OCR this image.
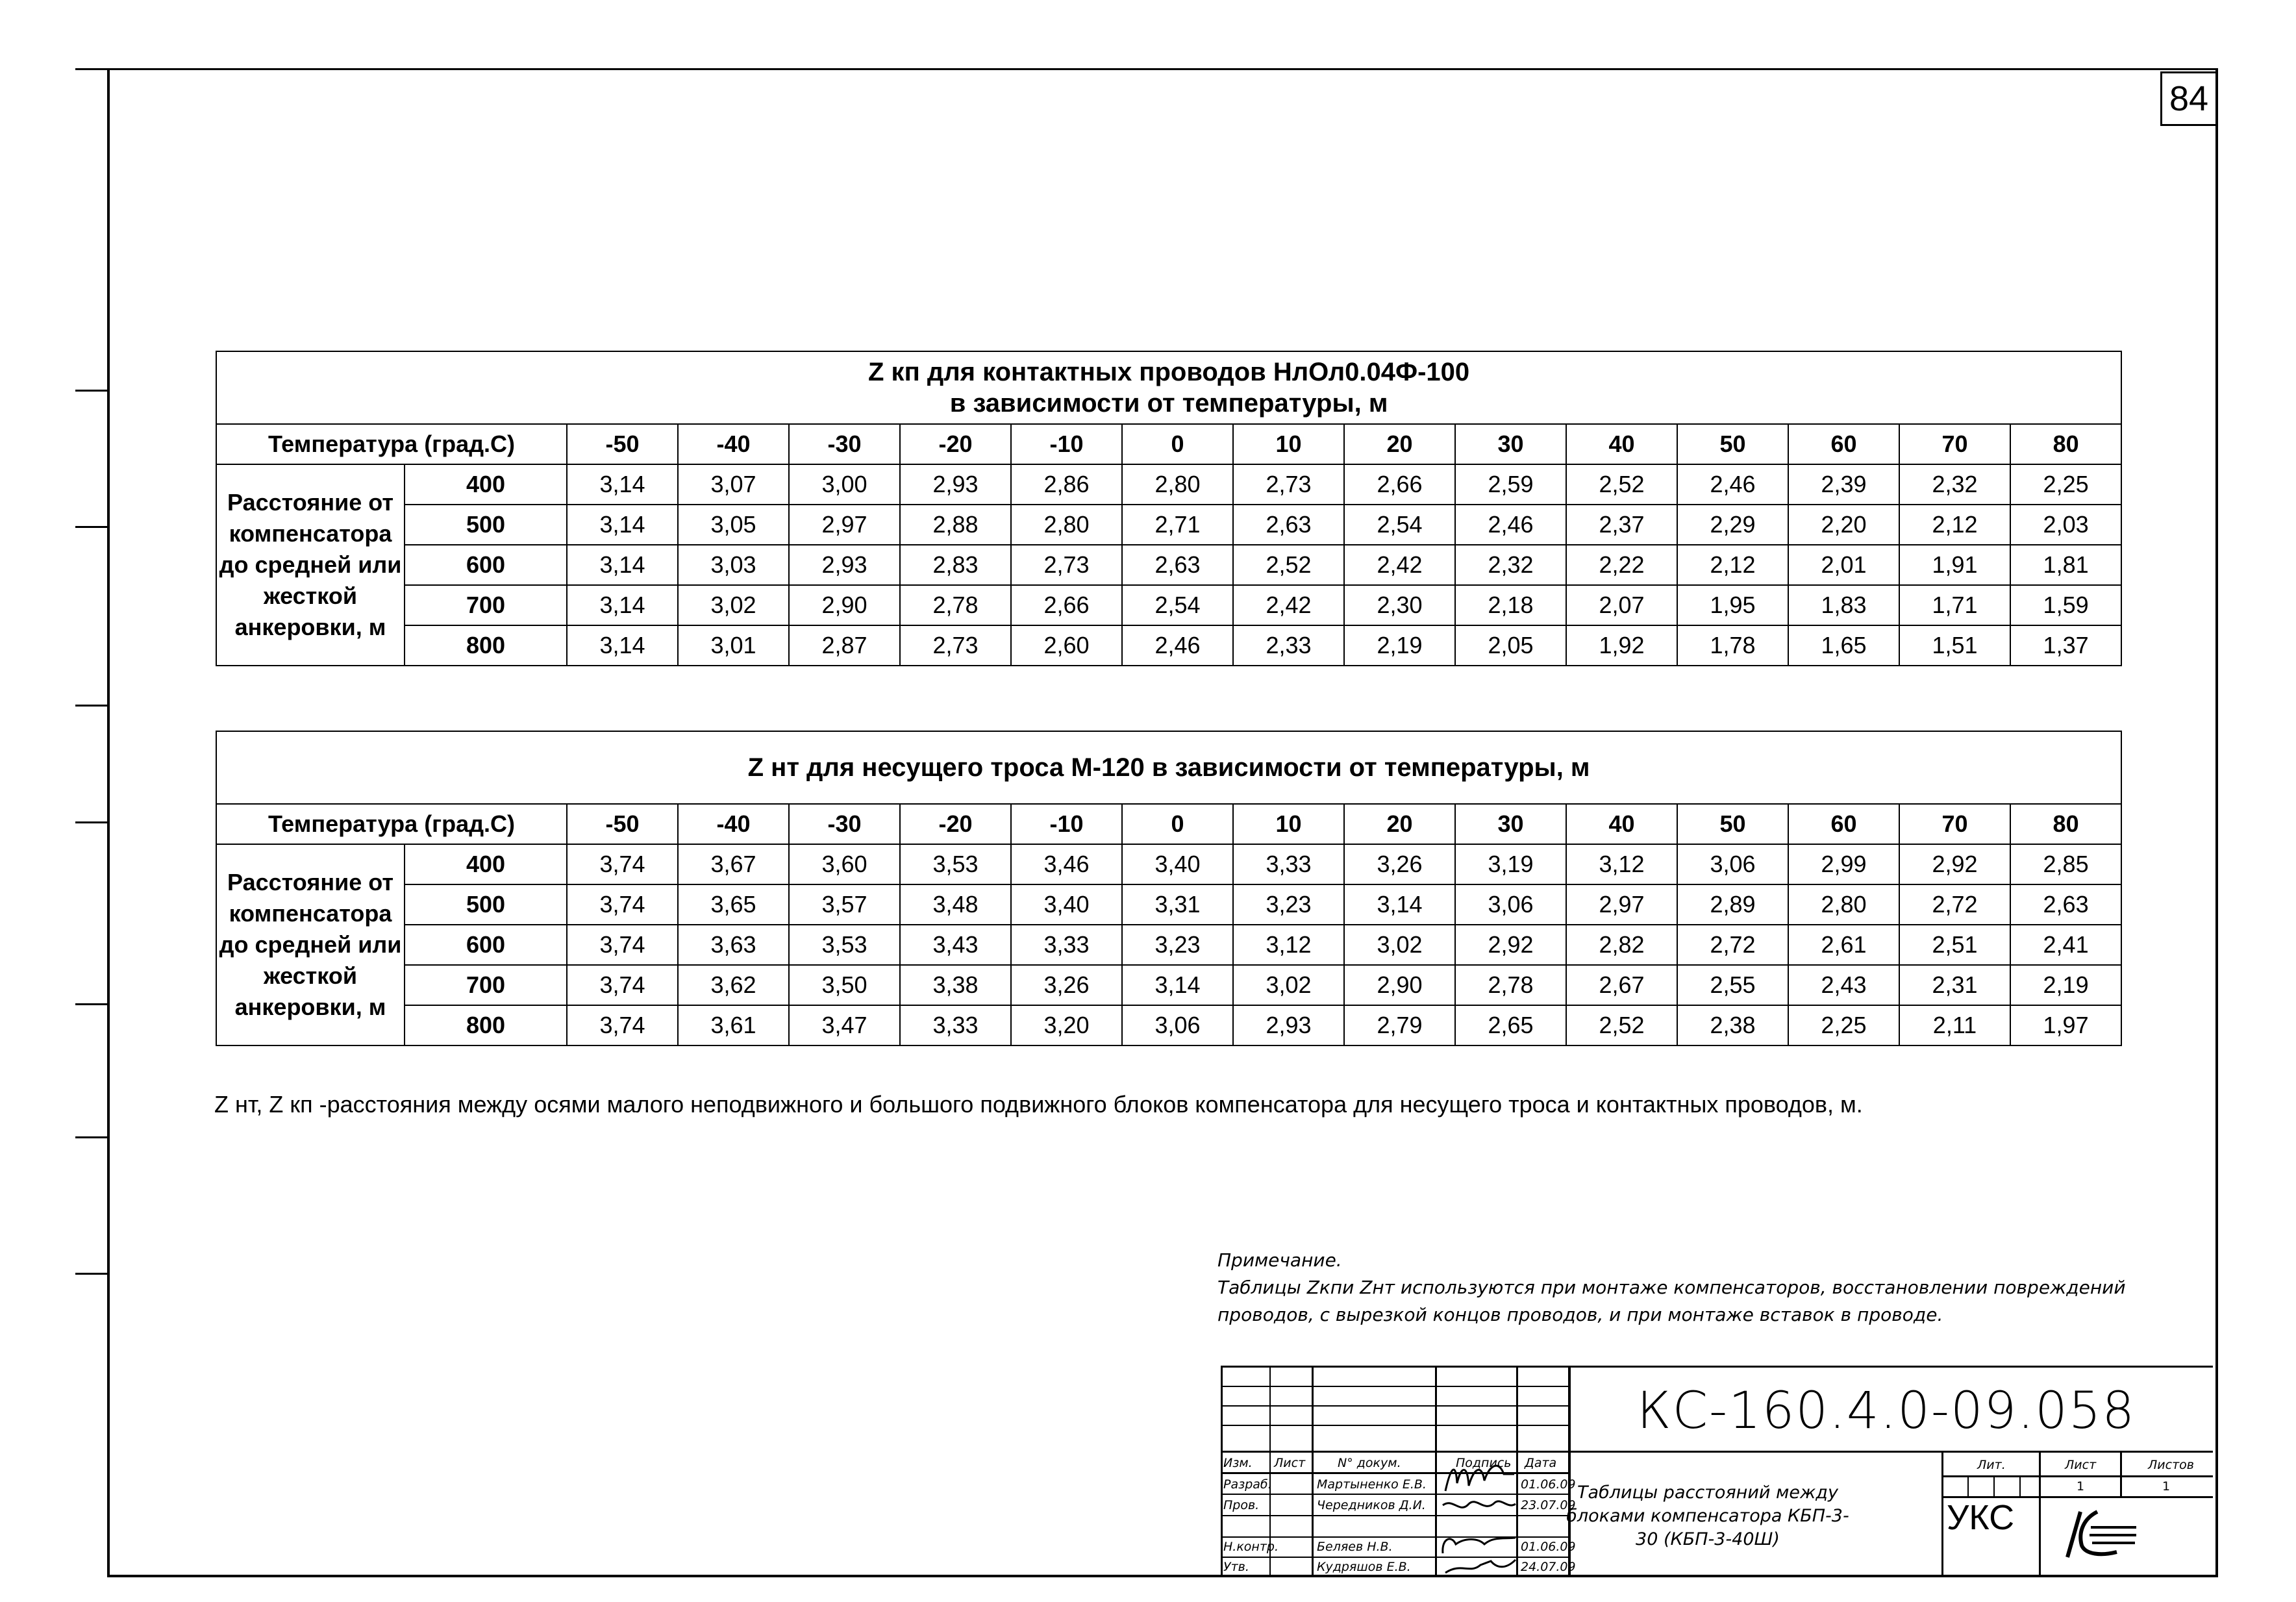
84
Z кп для контактных проводов НлОл0.04Ф-100
в зависимости от температуры, м															

Температура (град.С)		-50	-40	-30	-20	-10	0	10	20	30	40	50	60	70	80
Расстояние от компенсатора до средней или жесткой анкеровки, м	400	3,14	3,07	3,00	2,93	2,86	2,80	2,73	2,66	2,59	2,52	2,46	2,39	2,32	2,25
	500	3,14	3,05	2,97	2,88	2,80	2,71	2,63	2,54	2,46	2,37	2,29	2,20	2,12	2,03
	600	3,14	3,03	2,93	2,83	2,73	2,63	2,52	2,42	2,32	2,22	2,12	2,01	1,91	1,81
	700	3,14	3,02	2,90	2,78	2,66	2,54	2,42	2,30	2,18	2,07	1,95	1,83	1,71	1,59
	800	3,14	3,01	2,87	2,73	2,60	2,46	2,33	2,19	2,05	1,92	1,78	1,65	1,51	1,37
Z нт для несущего троса М-120 в зависимости от температуры, м															
Температура (град.С)		-50	-40	-30	-20	-10	0	10	20	30	40	50	60	70	80
Расстояние от компенсатора до средней или жесткой анкеровки, м	400	3,74	3,67	3,60	3,53	3,46	3,40	3,33	3,26	3,19	3,12	3,06	2,99	2,92	2,85
	500	3,74	3,65	3,57	3,48	3,40	3,31	3,23	3,14	3,06	2,97	2,89	2,80	2,72	2,63
	600	3,74	3,63	3,53	3,43	3,33	3,23	3,12	3,02	2,92	2,82	2,72	2,61	2,51	2,41
	700	3,74	3,62	3,50	3,38	3,26	3,14	3,02	2,90	2,78	2,67	2,55	2,43	2,31	2,19
	800	3,74	3,61	3,47	3,33	3,20	3,06	2,93	2,79	2,65	2,52	2,38	2,25	2,11	1,97
Z нт, Z кп -расстояния между осями малого неподвижного и большого подвижного блоков компенсатора для несущего троса и контактных проводов, м.
Примечание.
Таблицы Zкпи Zнт используются при монтаже компенсаторов, восстановлении повреждений
проводов, с вырезкой концов проводов, и при монтаже вставок в проводе.
КС-160.4.0-09.058
Изм. Лист	N° докум.	Подпись Дата
Разраб.	Мартыненко Е.В.	01.06.09
Пров.	Чередников Д.И.	23.07.09
Н.контр.	Беляев Н.В.	01.06.09
Утв.	Кудряшов Е.В.	24.07.09
Таблицы расстояний между блоками компенсатора КБП-3-30 (КБП-3-40Ш)
Лит.	Лист	Листов
1	1
УКС
